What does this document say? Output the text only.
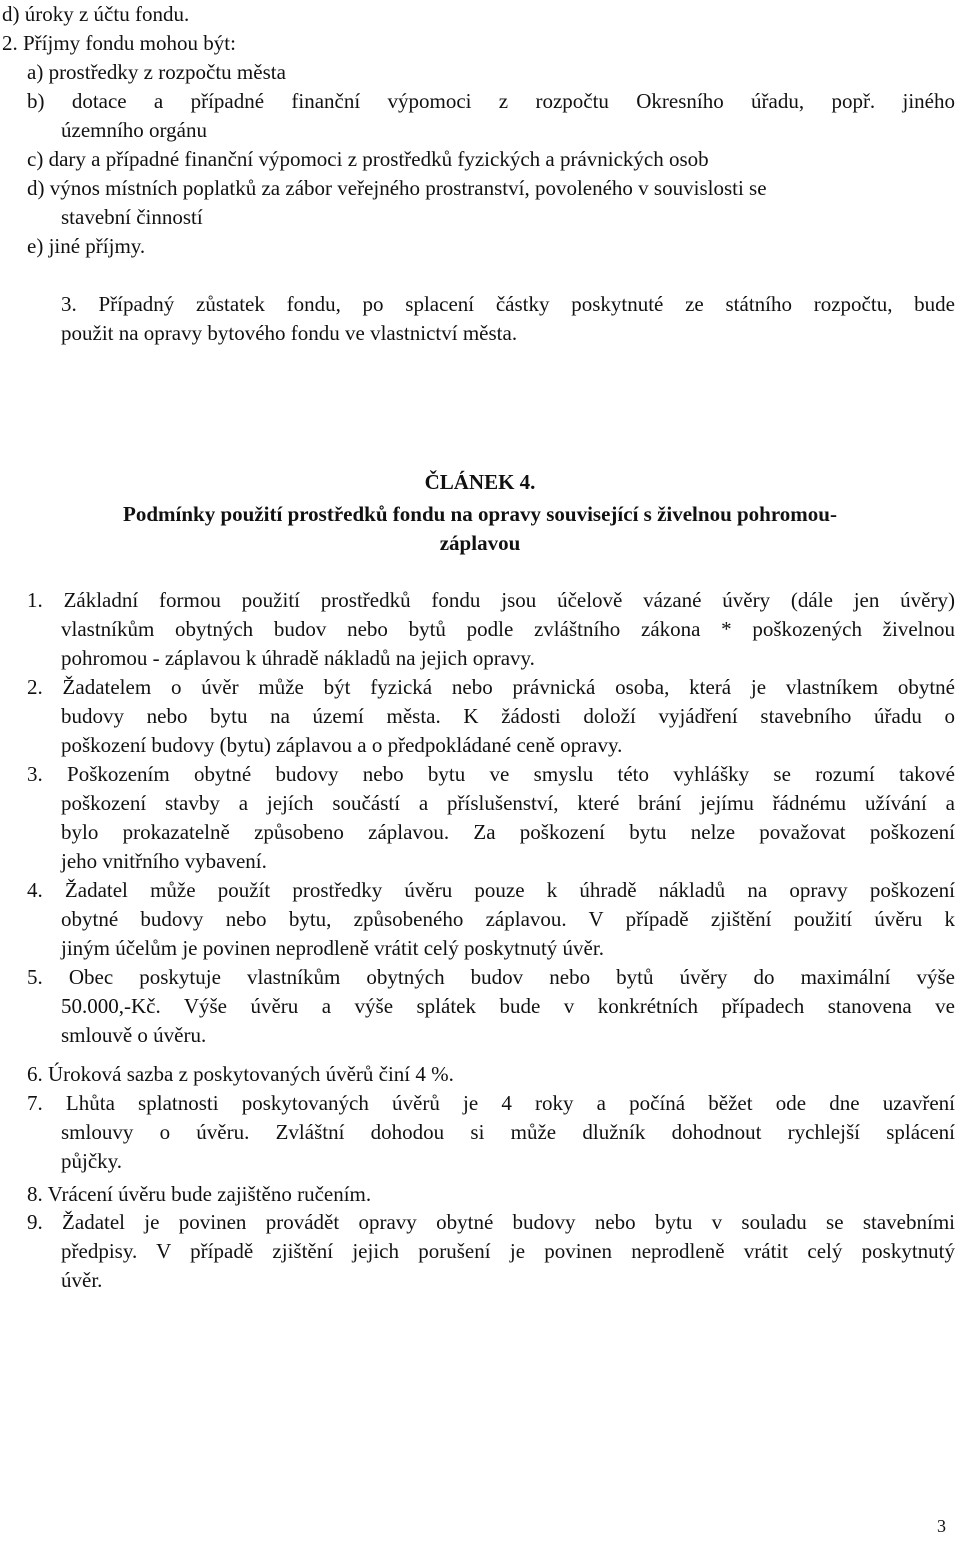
d) úroky z účtu fondu.

2. Příjmy fondu mohou být:

a) prostředky z rozpočtu města

b) dotace a případné finanční výpomoci z rozpočtu Okresního úřadu, popř. jiného

územního orgánu

c) dary a případné finanční výpomoci z prostředků fyzických a právnických osob

d) výnos místních poplatků za zábor veřejného prostranství, povoleného v souvislosti se

stavební činností

e) jiné příjmy.

3. Případný zůstatek fondu, po splacení částky poskytnuté ze státního rozpočtu, bude

použit na opravy bytového fondu ve vlastnictví města.

ČLÁNEK 4.
Podmínky použití prostředků fondu na opravy související s živelnou pohromou-
záplavou

1. Základní formou použití prostředků fondu jsou účelově vázané úvěry (dále jen úvěry)

vlastníkům obytných budov nebo bytů podle zvláštního zákona * poškozených živelnou

pohromou - záplavou k úhradě nákladů na jejich opravy.

2. Žadatelem o úvěr může být fyzická nebo právnická osoba, která je vlastníkem obytné

budovy nebo bytu na území města. K žádosti doloží vyjádření stavebního úřadu o

poškození budovy (bytu) záplavou a o předpokládané ceně opravy.

3. Poškozením obytné budovy nebo bytu ve smyslu této vyhlášky se rozumí takové

poškození stavby a jejích součástí a příslušenství, které brání jejímu řádnému užívání a

bylo prokazatelně způsobeno záplavou. Za poškození bytu nelze považovat poškození

jeho vnitřního vybavení.

4. Žadatel může použít prostředky úvěru pouze k úhradě nákladů na opravy poškození

obytné budovy nebo bytu, způsobeného záplavou. V případě zjištění použití úvěru k

jiným účelům je povinen neprodleně vrátit celý poskytnutý úvěr.

5. Obec poskytuje vlastníkům obytných budov nebo bytů úvěry do maximální výše

50.000,-Kč. Výše úvěru a výše splátek bude v konkrétních případech stanovena ve

smlouvě o úvěru.

6. Úroková sazba z poskytovaných úvěrů činí 4 %.

7. Lhůta splatnosti poskytovaných úvěrů je 4 roky a počíná běžet ode dne uzavření

smlouvy o úvěru. Zvláštní dohodou si může dlužník dohodnout rychlejší splácení

půjčky.

8. Vrácení úvěru bude zajištěno ručením.

9. Žadatel je povinen provádět opravy obytné budovy nebo bytu v souladu se stavebními

předpisy. V případě zjištění jejich porušení je povinen neprodleně vrátit celý poskytnutý

úvěr.

3
